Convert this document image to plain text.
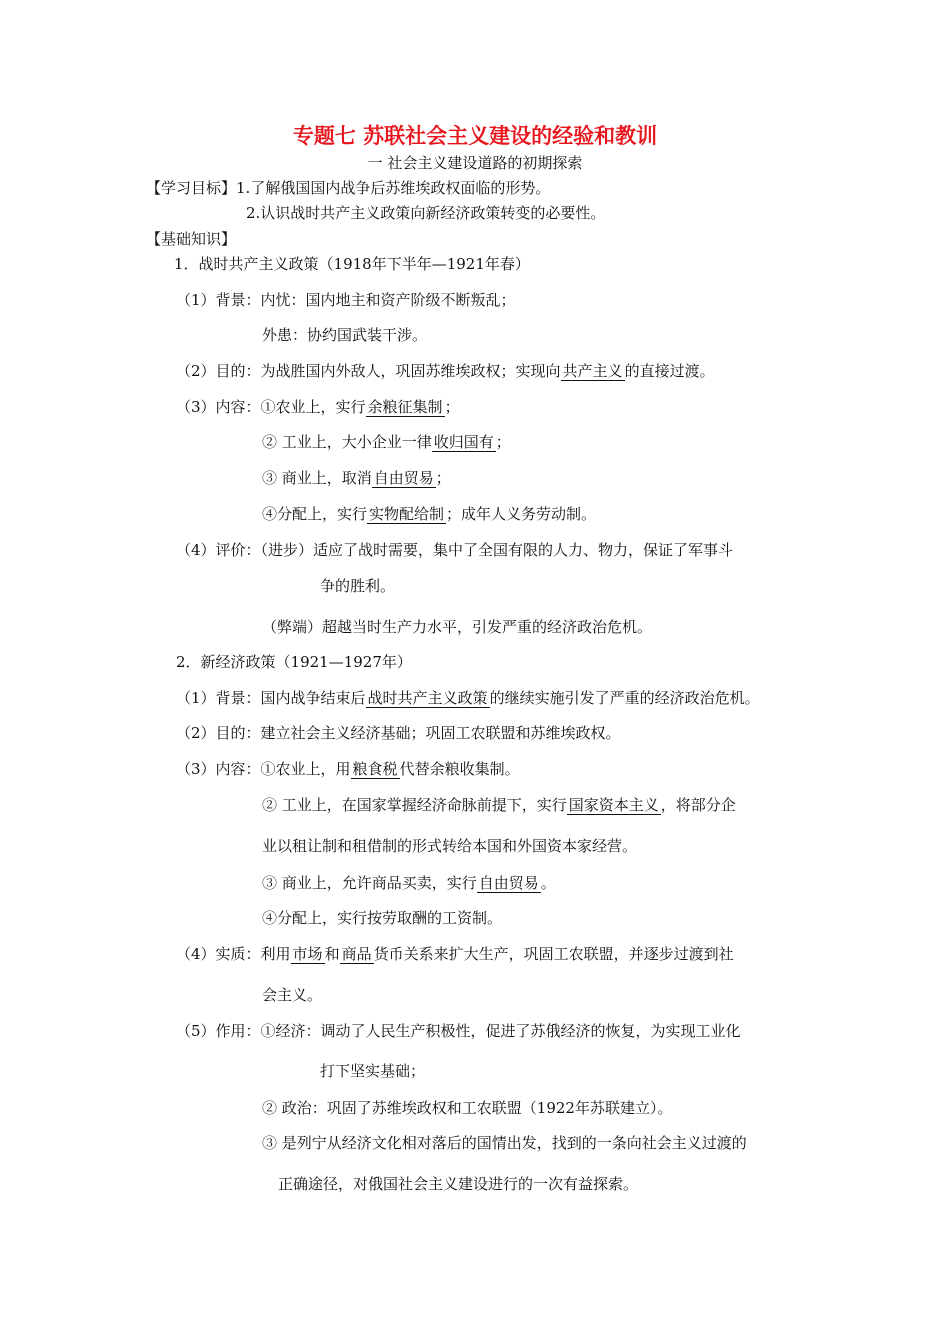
专题七 苏联社会主义建设的经验和教训
一 社会主义建设道路的初期探索
【学习目标】1.了解俄国国内战争后苏维埃政权面临的形势。
2.认识战时共产主义政策向新经济政策转变的必要性。
【基础知识】
1．战时共产主义政策（1918年下半年—1921年春）
（1）背景：内忧：国内地主和资产阶级不断叛乱；
外患：协约国武装干涉。
（2）目的：为战胜国内外敌人，巩固苏维埃政权；实现向 共产主义 的直接过渡。
（3）内容：①农业上，实行 余粮征集制 ；
② 工业上，大小企业一律 收归国有 ；
③ 商业上，取消 自由贸易 ；
④分配上，实行 实物配给制 ；成年人义务劳动制。
（4）评价：（进步）适应了战时需要，集中了全国有限的人力、物力，保证了军事斗
争的胜利。
（弊端）超越当时生产力水平，引发严重的经济政治危机。
2．新经济政策（1921—1927年）
（1）背景：国内战争结束后 战时共产主义政策 的继续实施引发了严重的经济政治危机。
（2）目的：建立社会主义经济基础；巩固工农联盟和苏维埃政权。
（3）内容：①农业上，用 粮食税 代替余粮收集制。
② 工业上，在国家掌握经济命脉前提下，实行 国家资本主义 ，将部分企
业以租让制和租借制的形式转给本国和外国资本家经营。
③ 商业上，允许商品买卖，实行 自由贸易 。
④分配上，实行按劳取酬的工资制。
（4）实质：利用 市场 和 商品 货币关系来扩大生产，巩固工农联盟，并逐步过渡到社
会主义。
（5）作用：①经济：调动了人民生产积极性，促进了苏俄经济的恢复，为实现工业化
打下坚实基础；
② 政治：巩固了苏维埃政权和工农联盟（1922年苏联建立）。
③ 是列宁从经济文化相对落后的国情出发，找到的一条向社会主义过渡的
正确途径，对俄国社会主义建设进行的一次有益探索。
